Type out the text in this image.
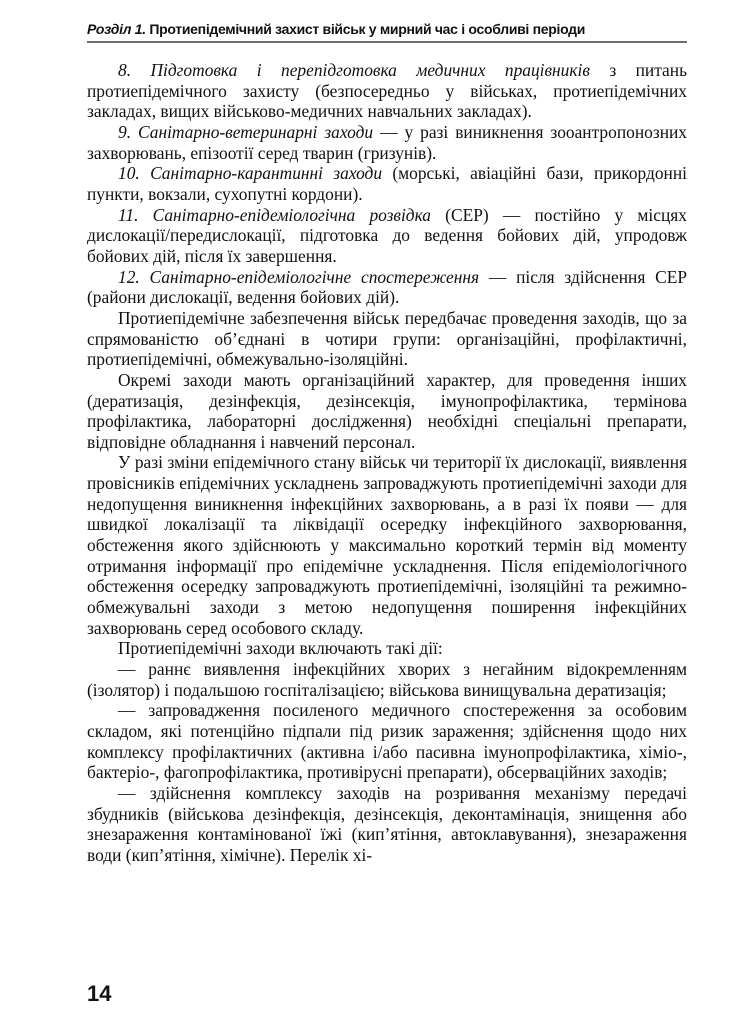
Розділ 1. Протиепідемічний захист військ у мирний час і особливі періоди

8. Підготовка і перепідготовка медичних працівників з питань протиепідемічного захисту (безпосередньо у військах, протиепідемічних закладах, вищих військово-медичних навчальних закладах).

9. Санітарно-ветеринарні заходи — у разі виникнення зооантропонозних захворювань, епізоотії серед тварин (гризунів).

10. Санітарно-карантинні заходи (морські, авіаційні бази, прикордонні пункти, вокзали, сухопутні кордони).

11. Санітарно-епідеміологічна розвідка (СЕР) — постійно у місцях дислокації/передислокації, підготовка до ведення бойових дій, упродовж бойових дій, після їх завершення.

12. Санітарно-епідеміологічне спостереження — після здійснення СЕР (райони дислокації, ведення бойових дій).

Протиепідемічне забезпечення військ передбачає проведення заходів, що за спрямованістю об’єднані в чотири групи: організаційні, профілактичні, протиепідемічні, обмежувально-ізоляційні.

Окремі заходи мають організаційний характер, для проведення інших (дератизація, дезінфекція, дезінсекція, імунопрофілактика, термінова профілактика, лабораторні дослідження) необхідні спеціальні препарати, відповідне обладнання і навчений персонал.

У разі зміни епідемічного стану військ чи території їх дислокації, виявлення провісників епідемічних ускладнень запроваджують протиепідемічні заходи для недопущення виникнення інфекційних захворювань, а в разі їх появи — для швидкої локалізації та ліквідації осередку інфекційного захворювання, обстеження якого здійснюють у максимально короткий термін від моменту отримання інформації про епідемічне ускладнення. Після епідеміологічного обстеження осередку запроваджують протиепідемічні, ізоляційні та режимно-обмежувальні заходи з метою недопущення поширення інфекційних захворювань серед особового складу.

Протиепідемічні заходи включають такі дії:

— раннє виявлення інфекційних хворих з негайним відокремленням (ізолятор) і подальшою госпіталізацією; військова винищувальна дератизація;

— запровадження посиленого медичного спостереження за особовим складом, які потенційно підпали під ризик зараження; здійснення щодо них комплексу профілактичних (активна і/або пасивна імунопрофілактика, хіміо-, бактеріо-, фагопрофілактика, противірусні препарати), обсерваційних заходів;

— здійснення комплексу заходів на розривання механізму передачі збудників (військова дезінфекція, дезінсекція, деконтамінація, знищення або знезараження контамінованої їжі (кип’ятіння, автоклавування), знезараження води (кип’ятіння, хімічне). Перелік хі-

14
